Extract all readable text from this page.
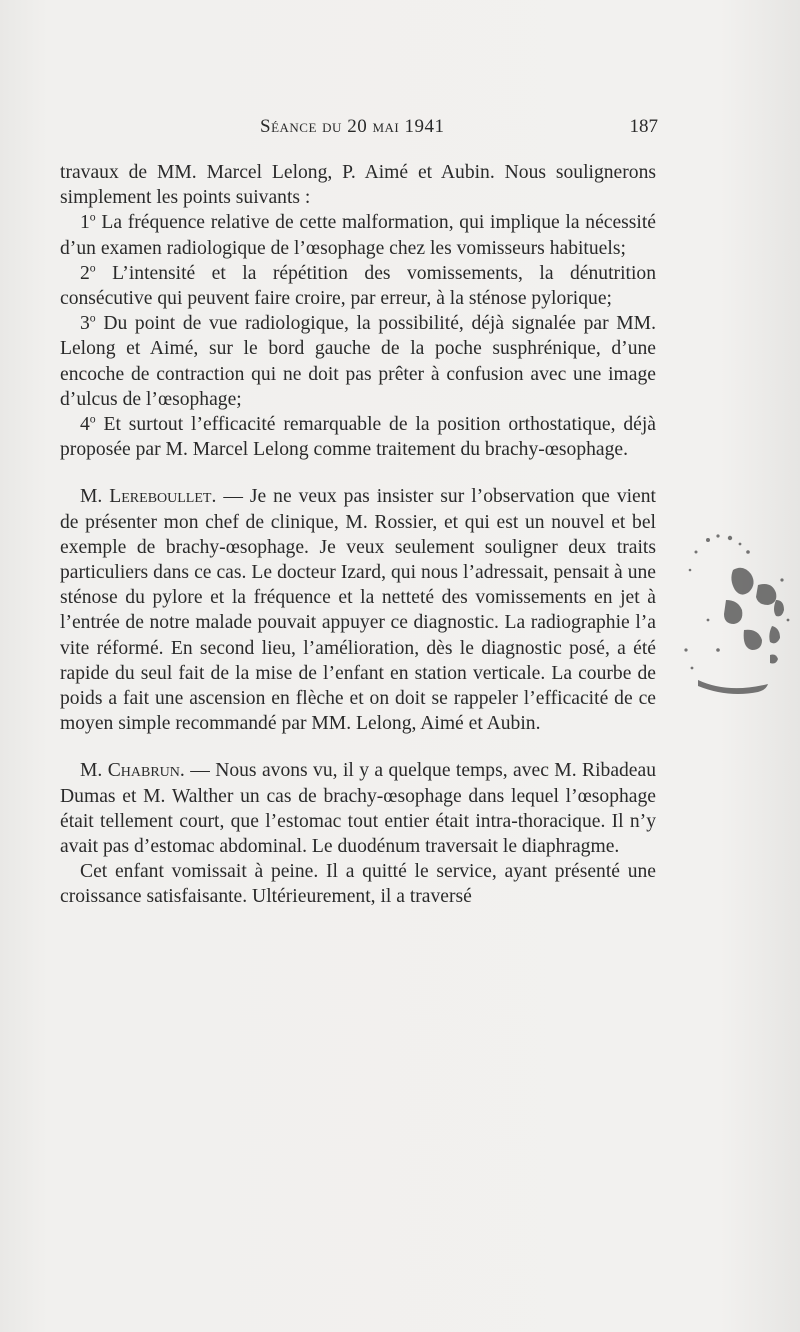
Séance du 20 mai 1941	187

travaux de MM. Marcel Lelong, P. Aimé et Aubin. Nous soulignerons simplement les points suivants :

1$^o$ La fréquence relative de cette malformation, qui implique la nécessité d’un examen radiologique de l’œsophage chez les vomisseurs habituels;

2$^o$ L’intensité et la répétition des vomissements, la dénutrition consécutive qui peuvent faire croire, par erreur, à la sténose pylorique;

3$^o$ Du point de vue radiologique, la possibilité, déjà signalée par MM. Lelong et Aimé, sur le bord gauche de la poche susphrénique, d’une encoche de contraction qui ne doit pas prêter à confusion avec une image d’ulcus de l’œsophage;

4$^o$ Et surtout l’efficacité remarquable de la position orthostatique, déjà proposée par M. Marcel Lelong comme traitement du brachy-œsophage.

M. Lereboullet. — Je ne veux pas insister sur l’observation que vient de présenter mon chef de clinique, M. Rossier, et qui est un nouvel et bel exemple de brachy-œsophage. Je veux seulement souligner deux traits particuliers dans ce cas. Le docteur Izard, qui nous l’adressait, pensait à une sténose du pylore et la fréquence et la netteté des vomissements en jet à l’entrée de notre malade pouvait appuyer ce diagnostic. La radiographie l’a vite réformé. En second lieu, l’amélioration, dès le diagnostic posé, a été rapide du seul fait de la mise de l’enfant en station verticale. La courbe de poids a fait une ascension en flèche et on doit se rappeler l’efficacité de ce moyen simple recommandé par MM. Lelong, Aimé et Aubin.

M. Chabrun. — Nous avons vu, il y a quelque temps, avec M. Ribadeau Dumas et M. Walther un cas de brachy-œsophage dans lequel l’œsophage était tellement court, que l’estomac tout entier était intra-thoracique. Il n’y avait pas d’estomac abdominal. Le duodénum traversait le diaphragme.

Cet enfant vomissait à peine. Il a quitté le service, ayant présenté une croissance satisfaisante. Ultérieurement, il a traversé
